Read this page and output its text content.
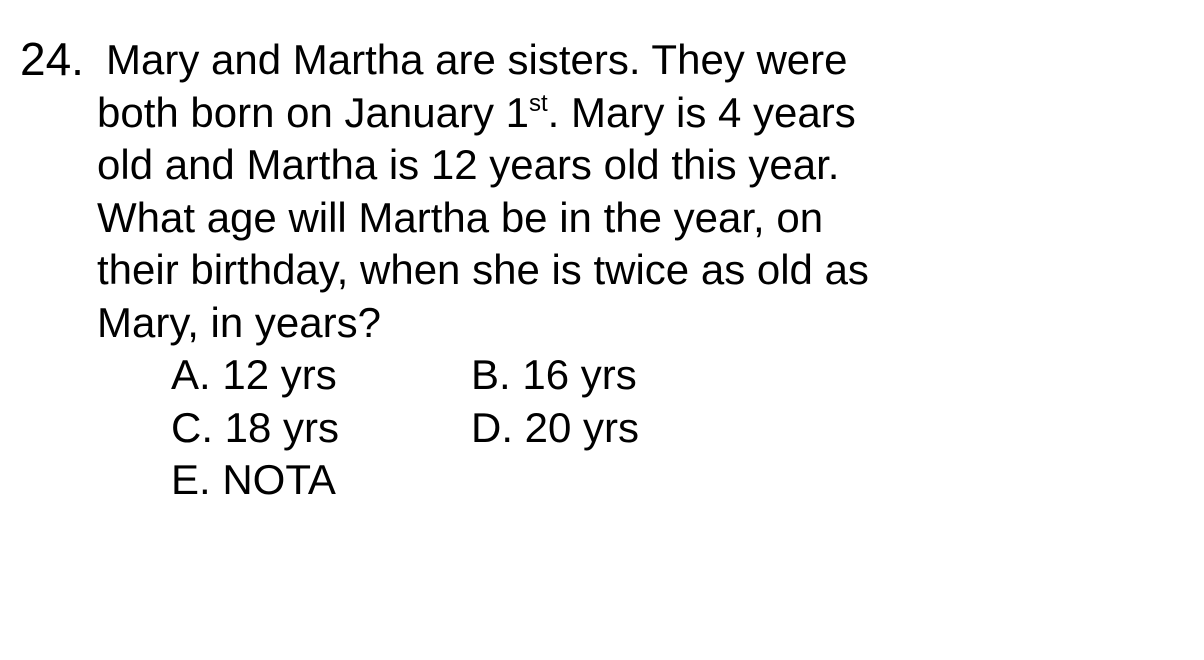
24. Mary and Martha are sisters. They were
both born on January 1st. Mary is 4 years
old and Martha is 12 years old this year.
What age will Martha be in the year, on
their birthday, when she is twice as old as
Mary, in years?
A. 12 yrs	B. 16 yrs
C. 18 yrs	D. 20 yrs
E. NOTA
